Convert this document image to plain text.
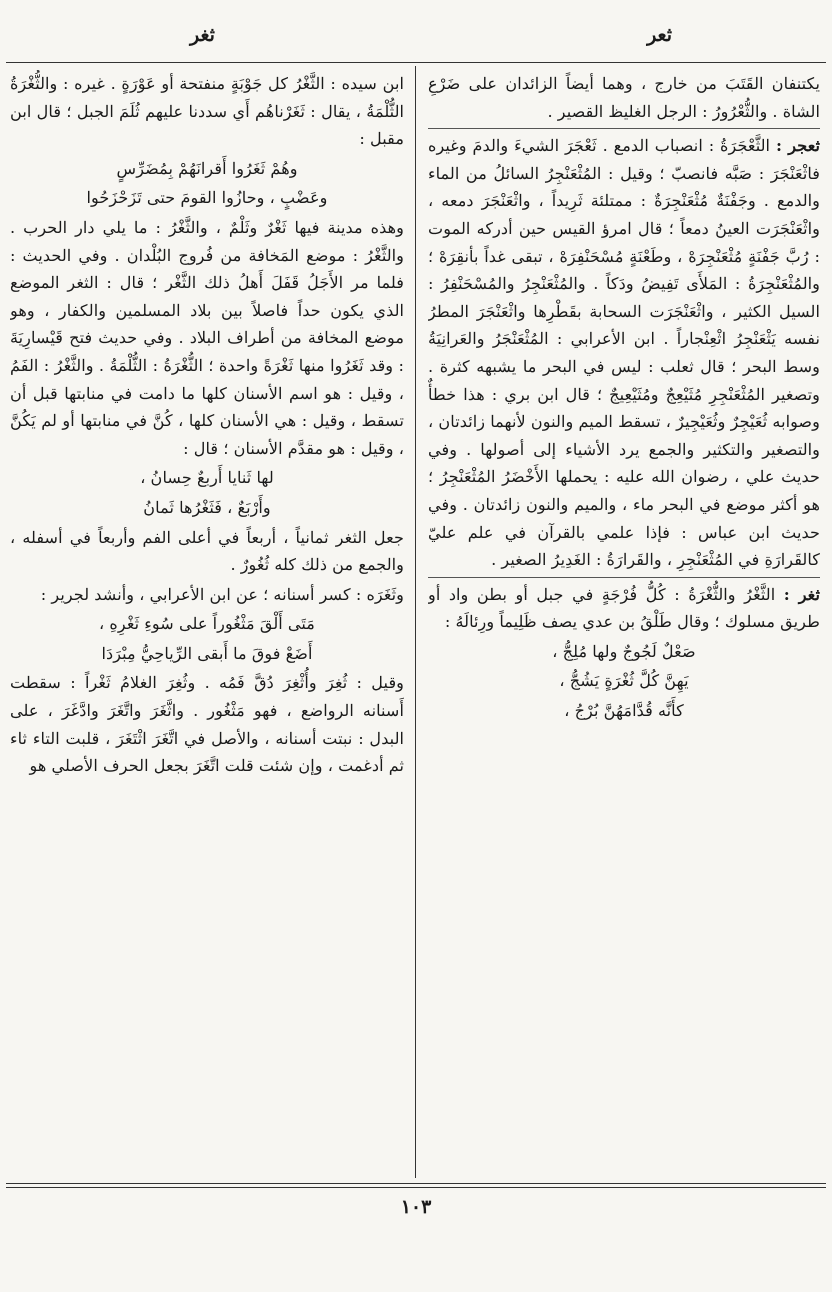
ثعر
ثغر

يكتنفان القَتَبَ من خارج ، وهما أيضاً الزائدان على ضَرْعِ الشاة . والثُّعْرُورُ : الرجل الغليظ القصير .

ثعجر : الثَّعْجَرَةُ : انصباب الدمع . ثَعْجَرَ الشيءَ والدمَ وغيره فاثْعَنْجَرَ : صَبَّه فانصبّ ؛ وقيل : المُثْعَنْجِرُ السائلُ من الماء والدمع . وجَفْنَةٌ مُثْعَنْجِرَةٌ : ممتلئة ثَرِيداً ، واثْعَنْجَرَ دمعه ، واثْعَنْجَرَت العينُ دمعاً ؛ قال امرؤ القيس حين أدركه الموت : رُبَّ جَفْنَةٍ مُثْعَنْجِرَهْ ، وطَعْنَةٍ مُسْحَنْفِرَهْ ، تبقى غداً بأنقِرَهْ ؛ والمُثْعَنْجِرَةُ : المَلأَى تَفِيضُ ودَكاً . والمُثْعَنْجِرُ والمُسْحَنْفِرُ : السيل الكثير ، واثْعَنْجَرَت السحابة بقَطْرِها واثْعَنْجَرَ المطرُ نفسه يَثْعَنْجِرُ اثْعِنْجاراً . ابن الأعرابي : المُثْعَنْجَرُ والعَرانِيَةُ وسط البحر ؛ قال ثعلب : ليس في البحر ما يشبهه كثرة . وتصغير المُثْعَنْجِرِ مُثَيْعِجٌ ومُثَيْعِيجٌ ؛ قال ابن بري : هذا خطأٌ وصوابه ثُعَيْجِرٌ وثُعَيْجِيرٌ ، تسقط الميم والنون لأنهما زائدتان ، والتصغير والتكثير والجمع يرد الأشياء إلى أصولها . وفي حديث علي ، رضوان الله عليه : يحملها الأَخْضَرُ المُثْعَنْجِرُ ؛ هو أكثر موضع في البحر ماء ، والميم والنون زائدتان . وفي حديث ابن عباس : فإذا علمي بالقرآن في علم عليّ كالقَرارَةِ في المُثْعَنْجِرِ ، والقَرارَةُ : الغَدِيرُ الصغير .

ثغر : الثَّغْرُ والثُّغْرَةُ : كُلُّ فُرْجَةٍ في جبل أو بطن واد أو طريق مسلوك ؛ وقال طَلْقُ بن عدي يصف ظَلِيماً ورِئالَهُ :

صَعْلٌ لَجُوجٌ ولها مُلِجُّ ،

يَهِنَّ كُلَّ ثُغْرَةٍ يَشُجُّ ،

كأَنَّه قُدَّامَهُنَّ بُرْجُ ،

ابن سيده : الثَّغْرُ كل جَوْبَةٍ منفتحة أو عَوْرَةٍ . غيره : والثُّغْرَةُ الثُّلْمَةُ ، يقال : ثَغَرْناهُم أَي سددنا عليهم ثُلَمَ الجبل ؛ قال ابن مقبل :

وهُمْ ثَغَرُوا أَقرانَهُمْ بِمُضَرِّسٍ

وعَضْبٍ ، وحازُوا القومَ حتى تَزَحْزَحُوا

وهذه مدينة فيها ثَغْرٌ وثَلْمٌ ، والثَّغْرُ : ما يلي دار الحرب . والثَّغْرُ : موضع المَخافة من فُروج البُلْدان . وفي الحديث : فلما مر الأَجَلُ قَفَلَ أَهلُ ذلك الثَّغْر ؛ قال : الثغر الموضع الذي يكون حداً فاصلاً بين بلاد المسلمين والكفار ، وهو موضع المخافة من أطراف البلاد . وفي حديث فتح قَيْسارِيَةَ : وقد ثَغَرُوا منها ثَغْرَةً واحدة ؛ الثُّغْرَةُ : الثُّلْمَةُ . والثَّغْرُ : الفَمُ ، وقيل : هو اسم الأسنان كلها ما دامت في منابتها قبل أن تسقط ، وقيل : هي الأسنان كلها ، كُنَّ في منابتها أو لم يَكُنَّ ، وقيل : هو مقدَّم الأسنان ؛ قال :

لها ثَنايا أَربعٌ حِسانُ ،

وأَرْبَعٌ ، فَثَغْرُها ثَمانُ

جعل الثغر ثمانياً ، أربعاً في أعلى الفم وأربعاً في أسفله ، والجمع من ذلك كله ثُغُورٌ .

وثَغَرَه : كسر أسنانه ؛ عن ابن الأعرابي ، وأنشد لجرير :

مَتَى أَلْقَ مَثْغُوراً على سُوءِ ثَغْرِهِ ،

أَضَعْ فوقَ ما أَبقى الرِّياحِيُّ مِبْرَدَا

وقيل : ثُغِرَ وأُثْغِرَ دُقَّ فَمُه . وثُغِرَ الغلامُ ثَغْراً : سقطت أَسنانه الرواضع ، فهو مَثْغُور . واثَّغَرَ واتَّغَرَ وادَّغَرَ ، على البدل : نبتت أسنانه ، والأصل في اتَّغَرَ اثْتَغَرَ ، قلبت التاء ثاء ثم أدغمت ، وإن شئت قلت اتَّغَرَ بجعل الحرف الأصلي هو

١٠٣
